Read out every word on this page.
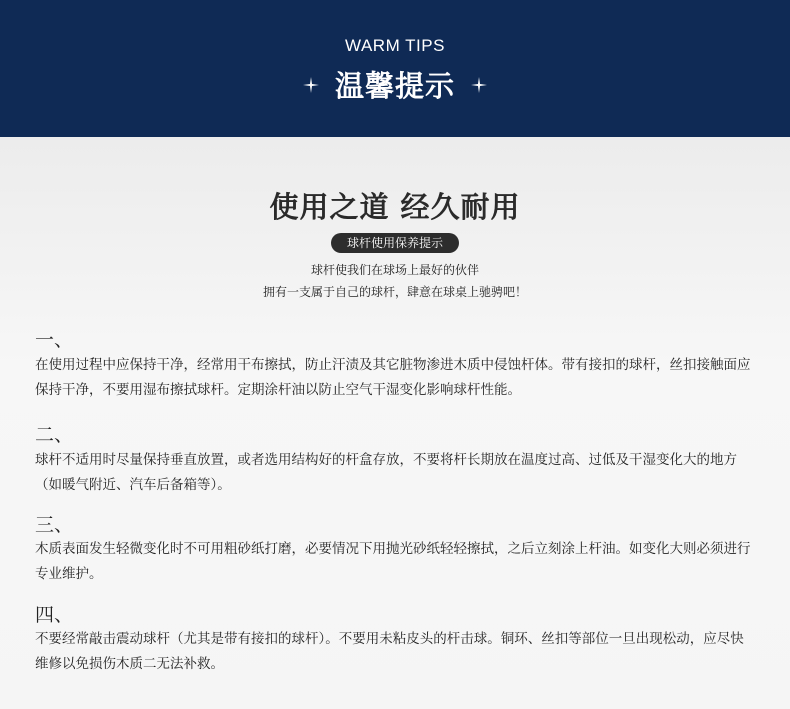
WARM TIPS
温馨提示
使用之道 经久耐用
球杆使用保养提示
球杆使我们在球场上最好的伙伴
拥有一支属于自己的球杆，肆意在球桌上驰骋吧！
一、
在使用过程中应保持干净，经常用干布擦拭，防止汗渍及其它脏物渗进木质中侵蚀杆体。带有接扣的球杆，丝扣接触面应保持干净，不要用湿布擦拭球杆。定期涂杆油以防止空气干湿变化影响球杆性能。
二、
球杆不适用时尽量保持垂直放置，或者选用结构好的杆盒存放，不要将杆长期放在温度过高、过低及干湿变化大的地方（如暖气附近、汽车后备箱等）。
三、
木质表面发生轻微变化时不可用粗砂纸打磨，必要情况下用抛光砂纸轻轻擦拭，之后立刻涂上杆油。如变化大则必须进行专业维护。
四、
不要经常敲击震动球杆（尤其是带有接扣的球杆）。不要用未粘皮头的杆击球。铜环、丝扣等部位一旦出现松动，应尽快维修以免损伤木质二无法补救。
